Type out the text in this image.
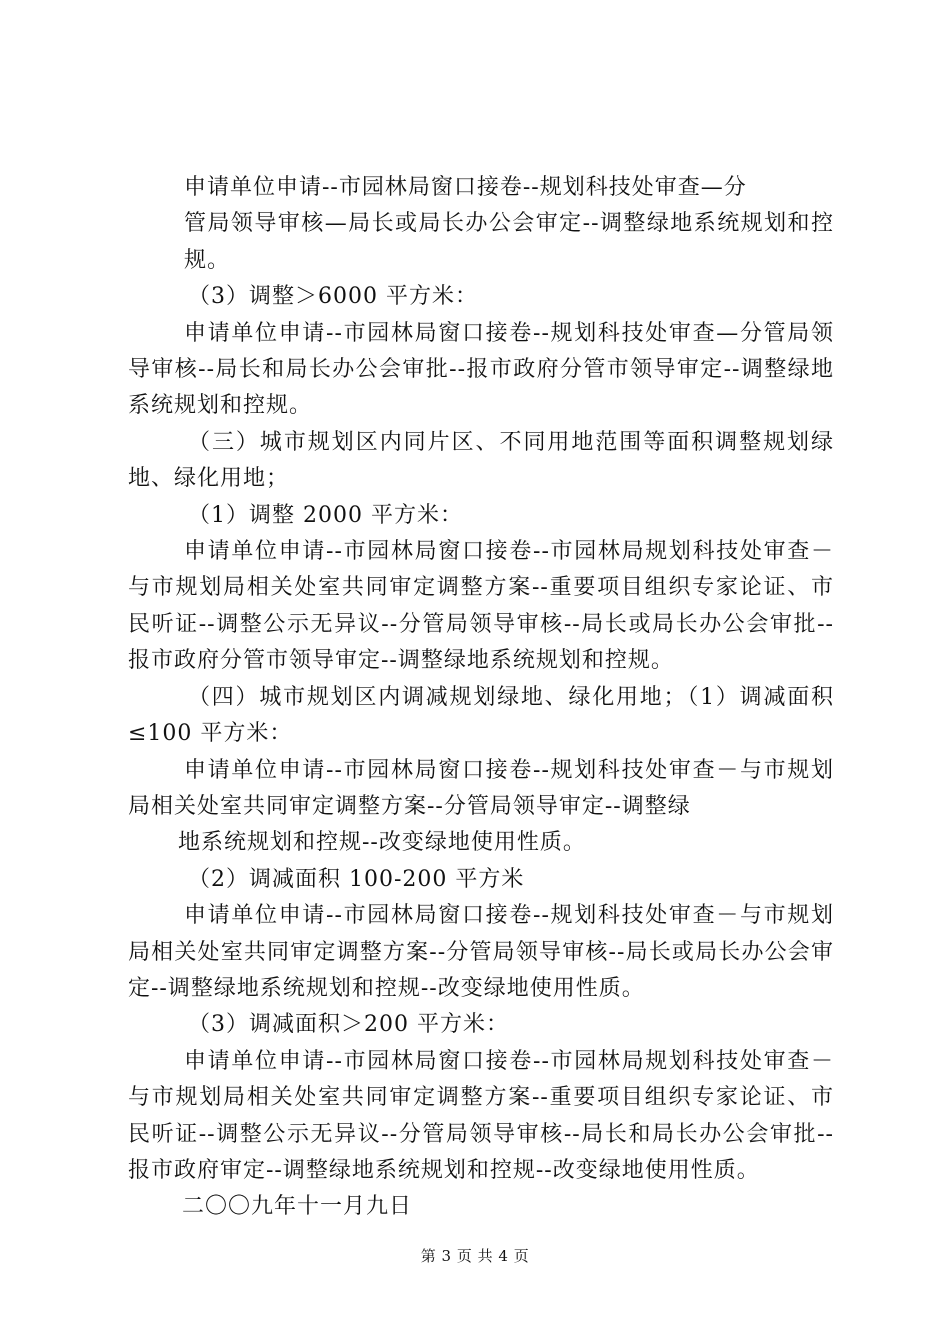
申请单位申请--市园林局窗口接卷--规划科技处审查—分

管局领导审核—局长或局长办公会审定--调整绿地系统规划和控规。

（3）调整＞6000 平方米：

申请单位申请--市园林局窗口接卷--规划科技处审查—分管局领导审核--局长和局长办公会审批--报市政府分管市领导审定--调整绿地系统规划和控规。

（三）城市规划区内同片区、不同用地范围等面积调整规划绿地、绿化用地；

（1）调整 2000 平方米：

申请单位申请--市园林局窗口接卷--市园林局规划科技处审查－与市规划局相关处室共同审定调整方案--重要项目组织专家论证、市民听证--调整公示无异议--分管局领导审核--局长或局长办公会审批--报市政府分管市领导审定--调整绿地系统规划和控规。

（四）城市规划区内调减规划绿地、绿化用地；（1）调减面积≤100 平方米：

申请单位申请--市园林局窗口接卷--规划科技处审查－与市规划局相关处室共同审定调整方案--分管局领导审定--调整绿

地系统规划和控规--改变绿地使用性质。

（2）调减面积 100-200 平方米

申请单位申请--市园林局窗口接卷--规划科技处审查－与市规划局相关处室共同审定调整方案--分管局领导审核--局长或局长办公会审定--调整绿地系统规划和控规--改变绿地使用性质。

（3）调减面积＞200 平方米：

申请单位申请--市园林局窗口接卷--市园林局规划科技处审查－与市规划局相关处室共同审定调整方案--重要项目组织专家论证、市民听证--调整公示无异议--分管局领导审核--局长和局长办公会审批--报市政府审定--调整绿地系统规划和控规--改变绿地使用性质。

二〇〇九年十一月九日

第 3 页 共 4 页
